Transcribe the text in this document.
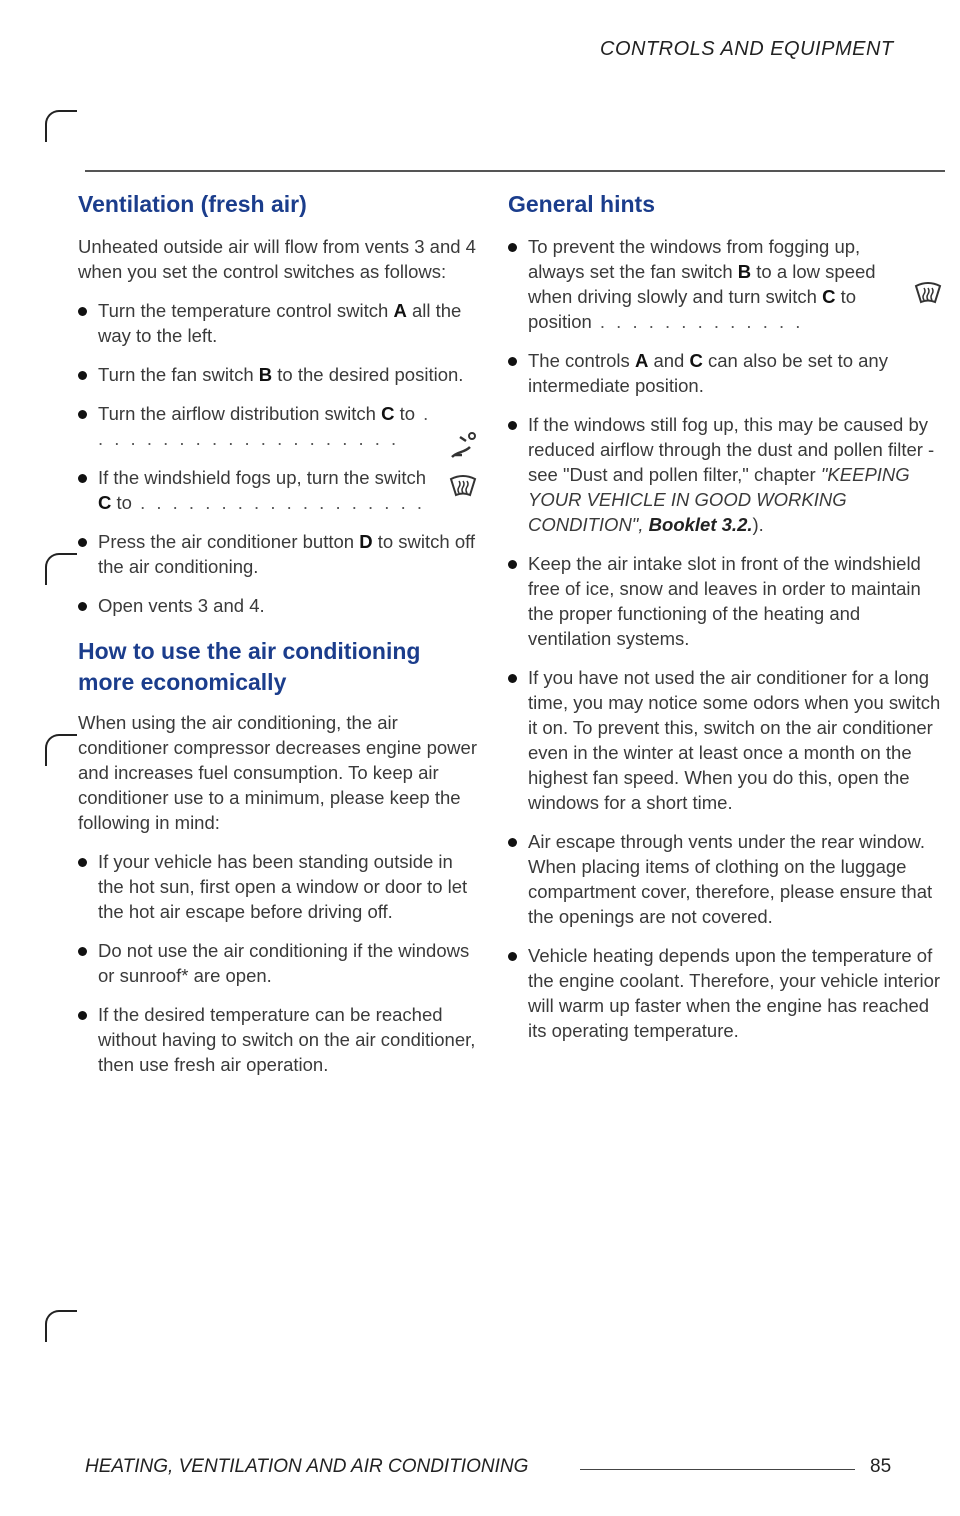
CONTROLS AND EQUIPMENT
Ventilation (fresh air)

Unheated outside air will flow from vents 3 and 4 when you set the control switches as follows:

Turn the temperature control switch A all the way to the left.
Turn the fan switch B to the desired position.
Turn the airflow distribution switch C to . . . . . . . . . . . . . . . . . . . .
If the windshield fogs up, turn the switch C to . . . . . . . . . . . . . . . . . .
Press the air conditioner button D to switch off the air conditioning.
Open vents 3 and 4.
How to use the air conditioning more economically

When using the air conditioning, the air conditioner compressor decreases engine power and increases fuel consumption. To keep air conditioner use to a minimum, please keep the following in mind:

If your vehicle has been standing outside in the hot sun, first open a window or door to let the hot air escape before driving off.
Do not use the air conditioning if the windows or sunroof* are open.
If the desired temperature can be reached without having to switch on the air conditioner, then use fresh air operation.
General hints
To prevent the windows from fogging up, always set the fan switch B to a low speed when driving slowly and turn switch C to position . . . . . . . . . . . . .
The controls A and C can also be set to any intermediate position.
If the windows still fog up, this may be caused by reduced airflow through the dust and pollen filter - see "Dust and pollen filter," chapter "KEEPING YOUR VEHICLE IN GOOD WORKING CONDITION", Booklet 3.2.).
Keep the air intake slot in front of the windshield free of ice, snow and leaves in order to maintain the proper functioning of the heating and ventilation systems.
If you have not used the air conditioner for a long time, you may notice some odors when you switch it on. To prevent this, switch on the air conditioner even in the winter at least once a month on the highest fan speed. When you do this, open the windows for a short time.
Air escape through vents under the rear window. When placing items of clothing on the luggage compartment cover, therefore, please ensure that the openings are not covered.
Vehicle heating depends upon the temperature of the engine coolant. Therefore, your vehicle interior will warm up faster when the engine has reached its operating temperature.
HEATING, VENTILATION AND AIR CONDITIONING	85
